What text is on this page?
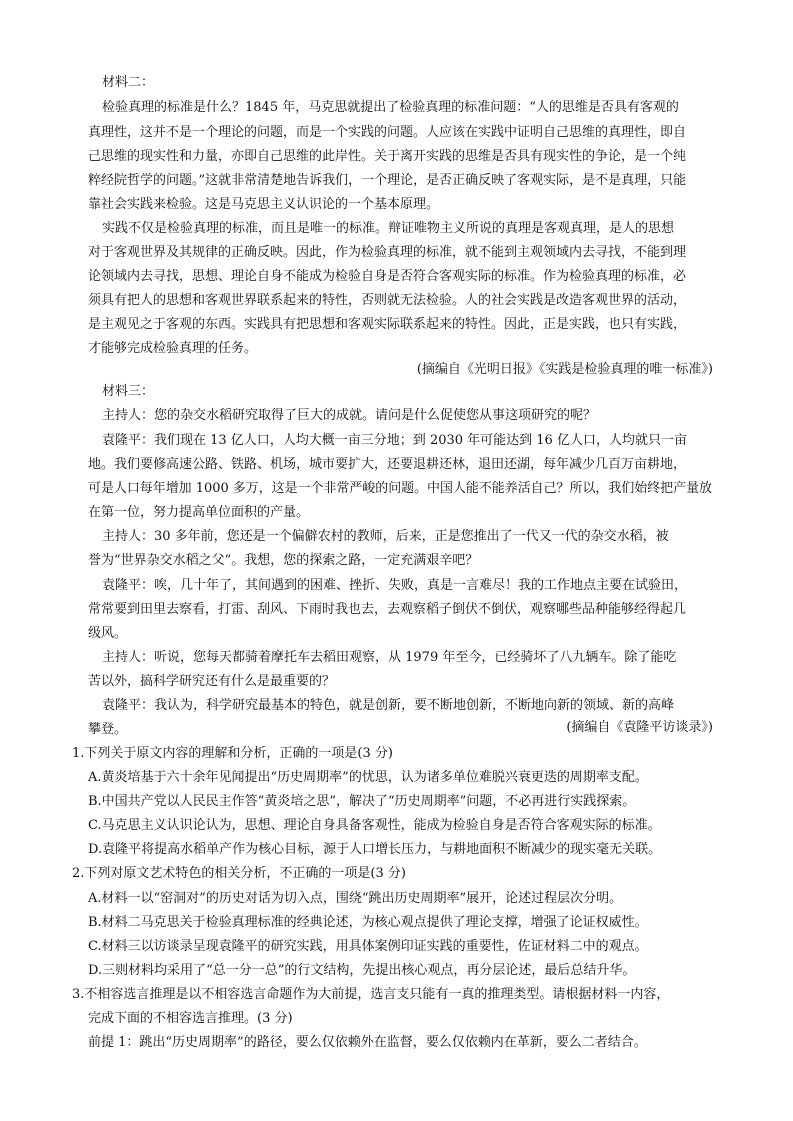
材料二：
检验真理的标准是什么？1845 年，马克思就提出了检验真理的标准问题：“人的思维是否具有客观的
真理性，这并不是一个理论的问题，而是一个实践的问题。人应该在实践中证明自己思维的真理性，即自
己思维的现实性和力量，亦即自己思维的此岸性。关于离开实践的思维是否具有现实性的争论，是一个纯
粹经院哲学的问题。”这就非常清楚地告诉我们，一个理论，是否正确反映了客观实际，是不是真理，只能
靠社会实践来检验。这是马克思主义认识论的一个基本原理。
实践不仅是检验真理的标准，而且是唯一的标准。辩证唯物主义所说的真理是客观真理，是人的思想
对于客观世界及其规律的正确反映。因此，作为检验真理的标准，就不能到主观领域内去寻找，不能到理
论领域内去寻找，思想、理论自身不能成为检验自身是否符合客观实际的标准。作为检验真理的标准，必
须具有把人的思想和客观世界联系起来的特性，否则就无法检验。人的社会实践是改造客观世界的活动，
是主观见之于客观的东西。实践具有把思想和客观实际联系起来的特性。因此，正是实践，也只有实践，
才能够完成检验真理的任务。
(摘编自《光明日报》《实践是检验真理的唯一标准》)
材料三：
主持人：您的杂交水稻研究取得了巨大的成就。请问是什么促使您从事这项研究的呢？
袁隆平：我们现在 13 亿人口，人均大概一亩三分地；到 2030 年可能达到 16 亿人口，人均就只一亩
地。我们要修高速公路、铁路、机场，城市要扩大，还要退耕还林，退田还湖，每年减少几百万亩耕地，
可是人口每年增加 1000 多万，这是一个非常严峻的问题。中国人能不能养活自己？所以，我们始终把产量放
在第一位，努力提高单位面积的产量。
主持人：30 多年前，您还是一个偏僻农村的教师，后来，正是您推出了一代又一代的杂交水稻，被
誉为“世界杂交水稻之父”。我想，您的探索之路，一定充满艰辛吧？
袁隆平：唉，几十年了，其间遇到的困难、挫折、失败，真是一言难尽！我的工作地点主要在试验田，
常常要到田里去察看，打雷、刮风、下雨时我也去，去观察稻子倒伏不倒伏，观察哪些品种能够经得起几
级风。
主持人：听说，您每天都骑着摩托车去稻田观察，从 1979 年至今，已经骑坏了八九辆车。除了能吃
苦以外，搞科学研究还有什么是最重要的？
袁隆平：我认为，科学研究最基本的特色，就是创新，要不断地创新，不断地向新的领域、新的高峰
攀登。	(摘编自《袁隆平访谈录》)
1.下列关于原文内容的理解和分析，正确的一项是(3 分)
A.黄炎培基于六十余年见闻提出“历史周期率”的忧思，认为诸多单位难脱兴衰更迭的周期率支配。
B.中国共产党以人民民主作答“黄炎培之思”，解决了“历史周期率”问题，不必再进行实践探索。
C.马克思主义认识论认为，思想、理论自身具备客观性，能成为检验自身是否符合客观实际的标准。
D.袁隆平将提高水稻单产作为核心目标，源于人口增长压力，与耕地面积不断减少的现实毫无关联。
2.下列对原文艺术特色的相关分析，不正确的一项是(3 分)
A.材料一以“窑洞对”的历史对话为切入点，围绕“跳出历史周期率”展开，论述过程层次分明。
B.材料二马克思关于检验真理标准的经典论述，为核心观点提供了理论支撑，增强了论证权威性。
C.材料三以访谈录呈现袁隆平的研究实践，用具体案例印证实践的重要性，佐证材料二中的观点。
D.三则材料均采用了“总一分一总”的行文结构，先提出核心观点，再分层论述，最后总结升华。
3.不相容选言推理是以不相容选言命题作为大前提，选言支只能有一真的推理类型。请根据材料一内容，
完成下面的不相容选言推理。(3 分)
前提 1：跳出“历史周期率”的路径，要么仅依赖外在监督，要么仅依赖内在革新，要么二者结合。
